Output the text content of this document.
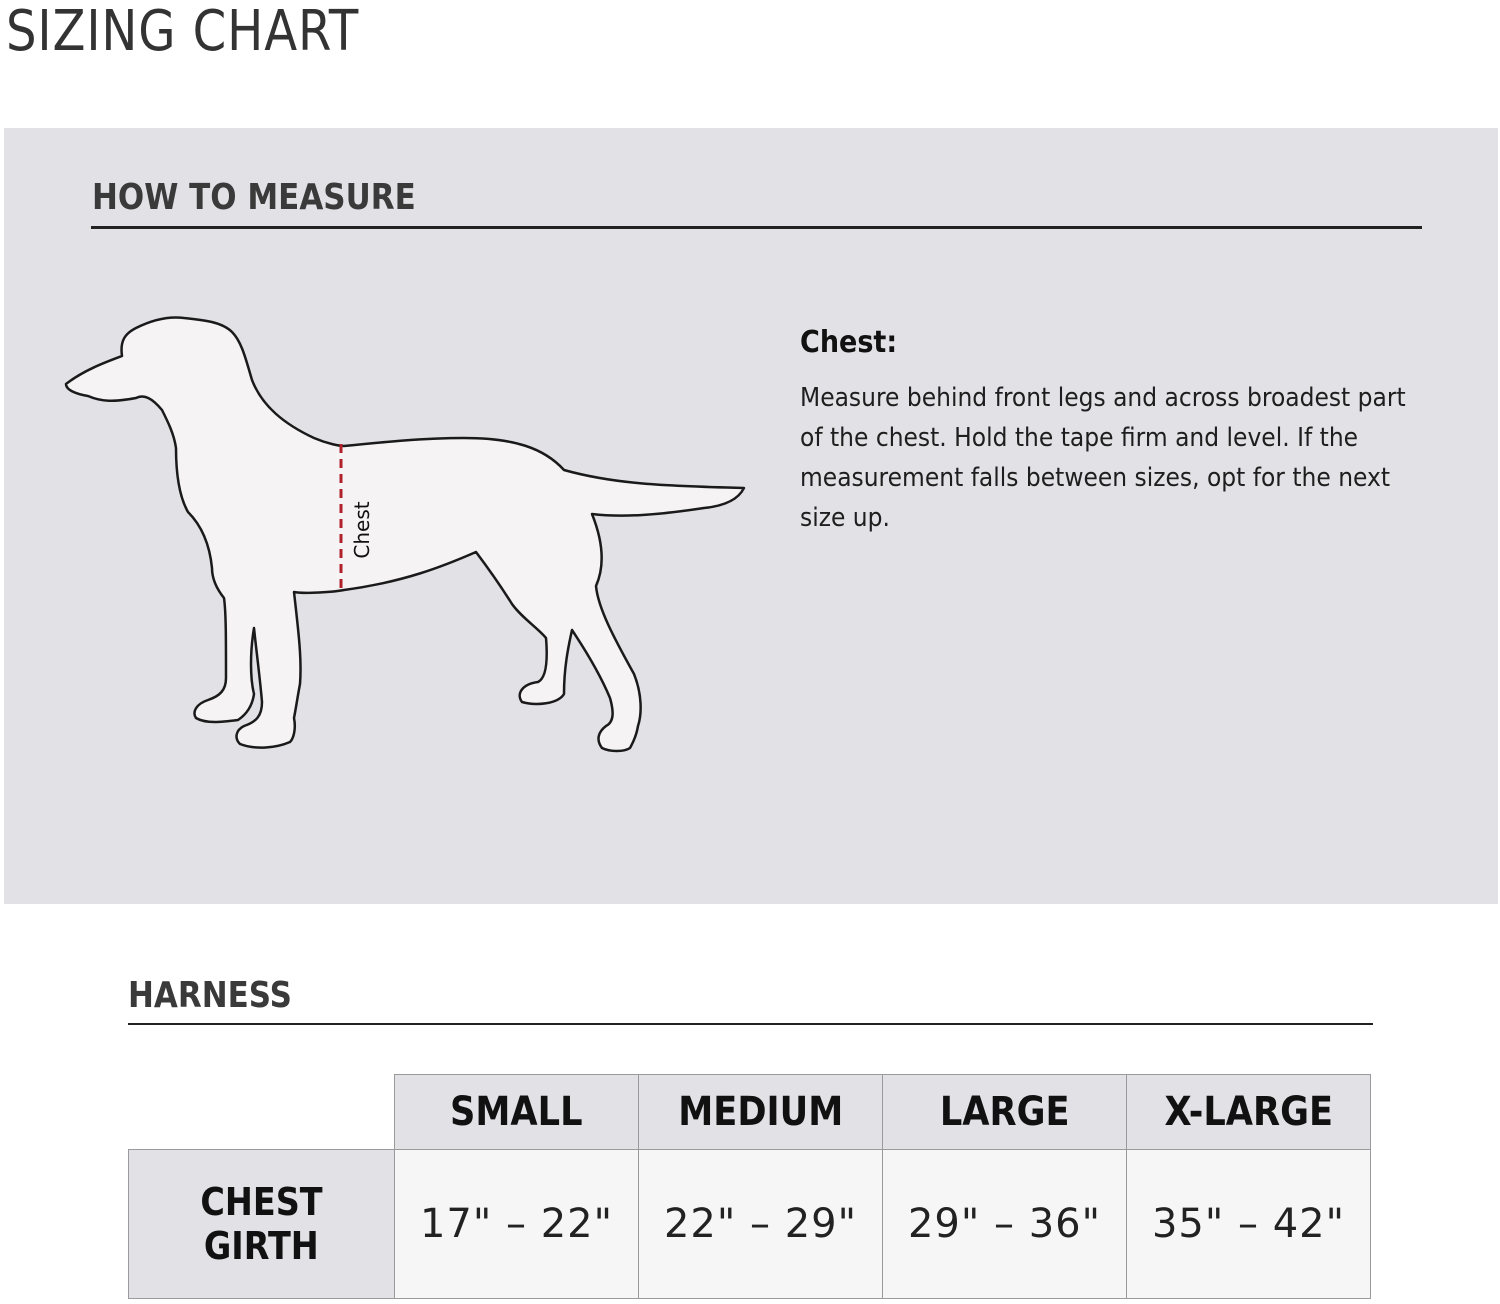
SIZING CHART
HOW TO MEASURE
Chest
Chest:
Measure behind front legs and across broadest part of the chest. Hold the tape firm and level. If the measurement falls between sizes, opt for the next size up.
HARNESS
	SMALL	MEDIUM	LARGE	X-LARGE
CHEST
GIRTH	17" – 22"	22" – 29"	29" – 36"	35" – 42"
